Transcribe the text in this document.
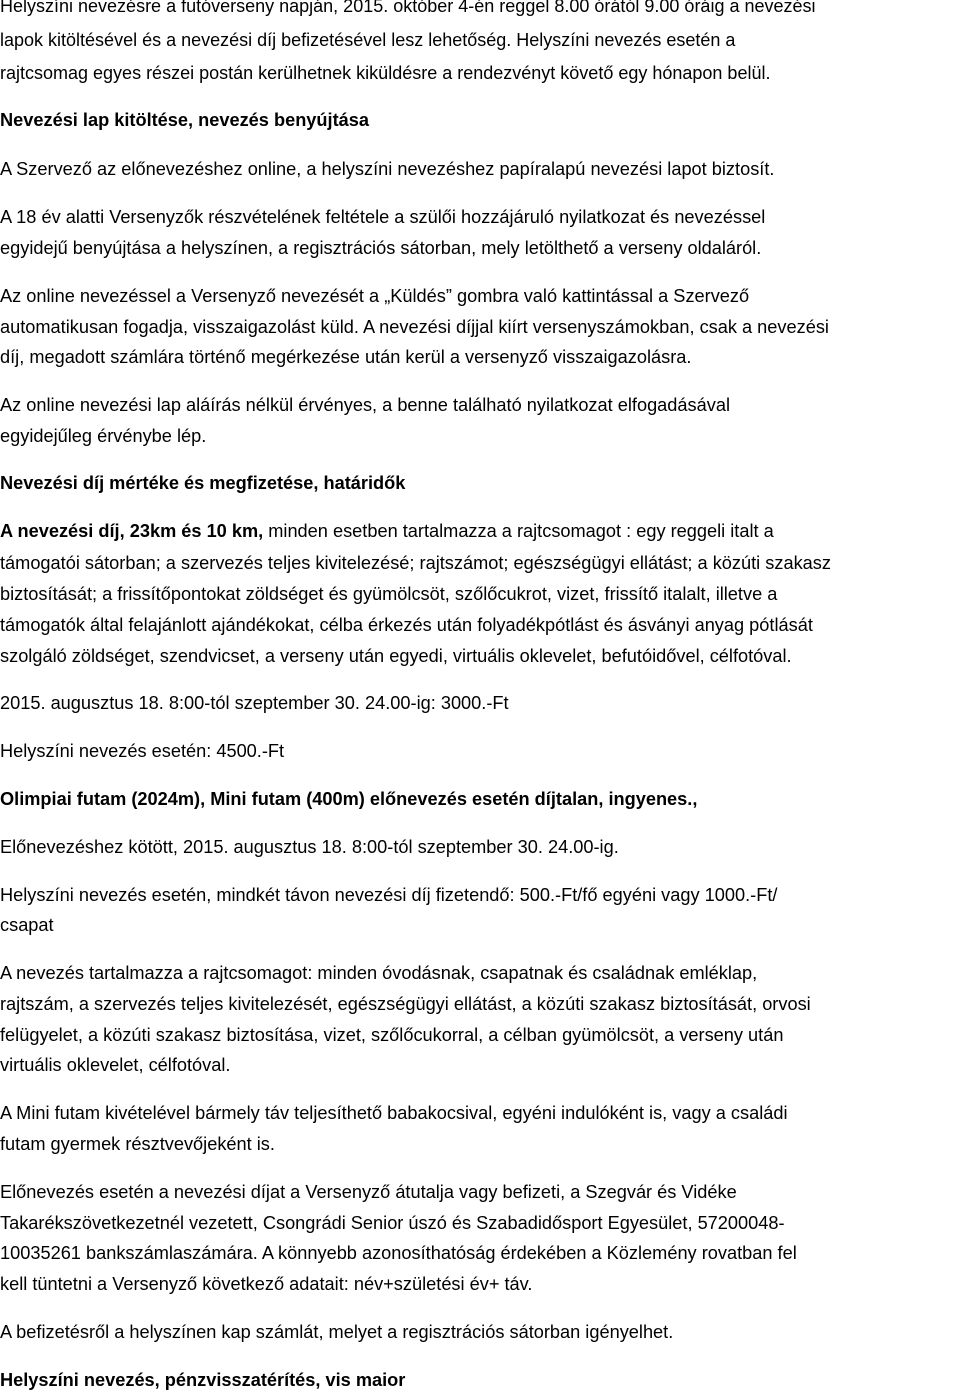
Helyszíni nevezésre a futóverseny napján, 2015. október 4-én reggel 8.00 órától 9.00 óráig a nevezési
lapok kitöltésével és a nevezési díj befizetésével lesz lehetőség. Helyszíni nevezés esetén a
rajtcsomag egyes részei postán kerülhetnek kiküldésre a rendezvényt követő egy hónapon belül.
Nevezési lap kitöltése, nevezés benyújtása
A Szervező az előnevezéshez online, a helyszíni nevezéshez papíralapú nevezési lapot biztosít.
A 18 év alatti Versenyzők részvételének feltétele a szülői hozzájáruló nyilatkozat és nevezéssel
egyidejű benyújtása a helyszínen, a regisztrációs sátorban, mely letölthető a verseny oldaláról.
Az online nevezéssel a Versenyző nevezését a „Küldés” gombra való kattintással a Szervező
automatikusan fogadja, visszaigazolást küld. A nevezési díjjal kiírt versenyszámokban, csak a nevezési
díj, megadott számlára történő megérkezése után kerül a versenyző visszaigazolásra.
Az online nevezési lap aláírás nélkül érvényes, a benne található nyilatkozat elfogadásával
egyidejűleg érvénybe lép.
Nevezési díj mértéke és megfizetése, határidők
A nevezési díj, 23km és 10 km, minden esetben tartalmazza a rajtcsomagot : egy reggeli italt a
támogatói sátorban; a szervezés teljes kivitelezésé; rajtszámot; egészségügyi ellátást; a közúti szakasz
biztosítását; a frissítőpontokat zöldséget és gyümölcsöt, szőlőcukrot, vizet, frissítő italalt, illetve a
támogatók által felajánlott ajándékokat, célba érkezés után folyadékpótlást és ásványi anyag pótlását
szolgáló zöldséget, szendvicset, a verseny után egyedi, virtuális oklevelet, befutóidővel, célfotóval.
2015. augusztus 18. 8:00-tól szeptember 30. 24.00-ig: 3000.-Ft
Helyszíni nevezés esetén: 4500.-Ft
Olimpiai futam (2024m), Mini futam (400m) előnevezés esetén díjtalan, ingyenes.,
Előnevezéshez kötött, 2015. augusztus 18. 8:00-tól szeptember 30. 24.00-ig.
Helyszíni nevezés esetén, mindkét távon nevezési díj fizetendő: 500.-Ft/fő egyéni vagy 1000.-Ft/
csapat
A nevezés tartalmazza a rajtcsomagot: minden óvodásnak, csapatnak és családnak emléklap,
rajtszám, a szervezés teljes kivitelezését, egészségügyi ellátást, a közúti szakasz biztosítását, orvosi
felügyelet, a közúti szakasz biztosítása, vizet, szőlőcukorral, a célban gyümölcsöt, a verseny után
virtuális oklevelet, célfotóval.
A Mini futam kivételével bármely táv teljesíthető babakocsival, egyéni indulóként is, vagy a családi
futam gyermek résztvevőjeként is.
Előnevezés esetén a nevezési díjat a Versenyző átutalja vagy befizeti, a Szegvár és Vidéke
Takarékszövetkezetnél vezetett, Csongrádi Senior úszó és Szabadidősport Egyesület, 57200048-
10035261 bankszámlaszámára. A könnyebb azonosíthatóság érdekében a Közlemény rovatban fel
kell tüntetni a Versenyző következő adatait: név+születési év+ táv.
A befizetésről a helyszínen kap számlát, melyet a regisztrációs sátorban igényelhet.
Helyszíni nevezés, pénzvisszatérítés, vis maior
